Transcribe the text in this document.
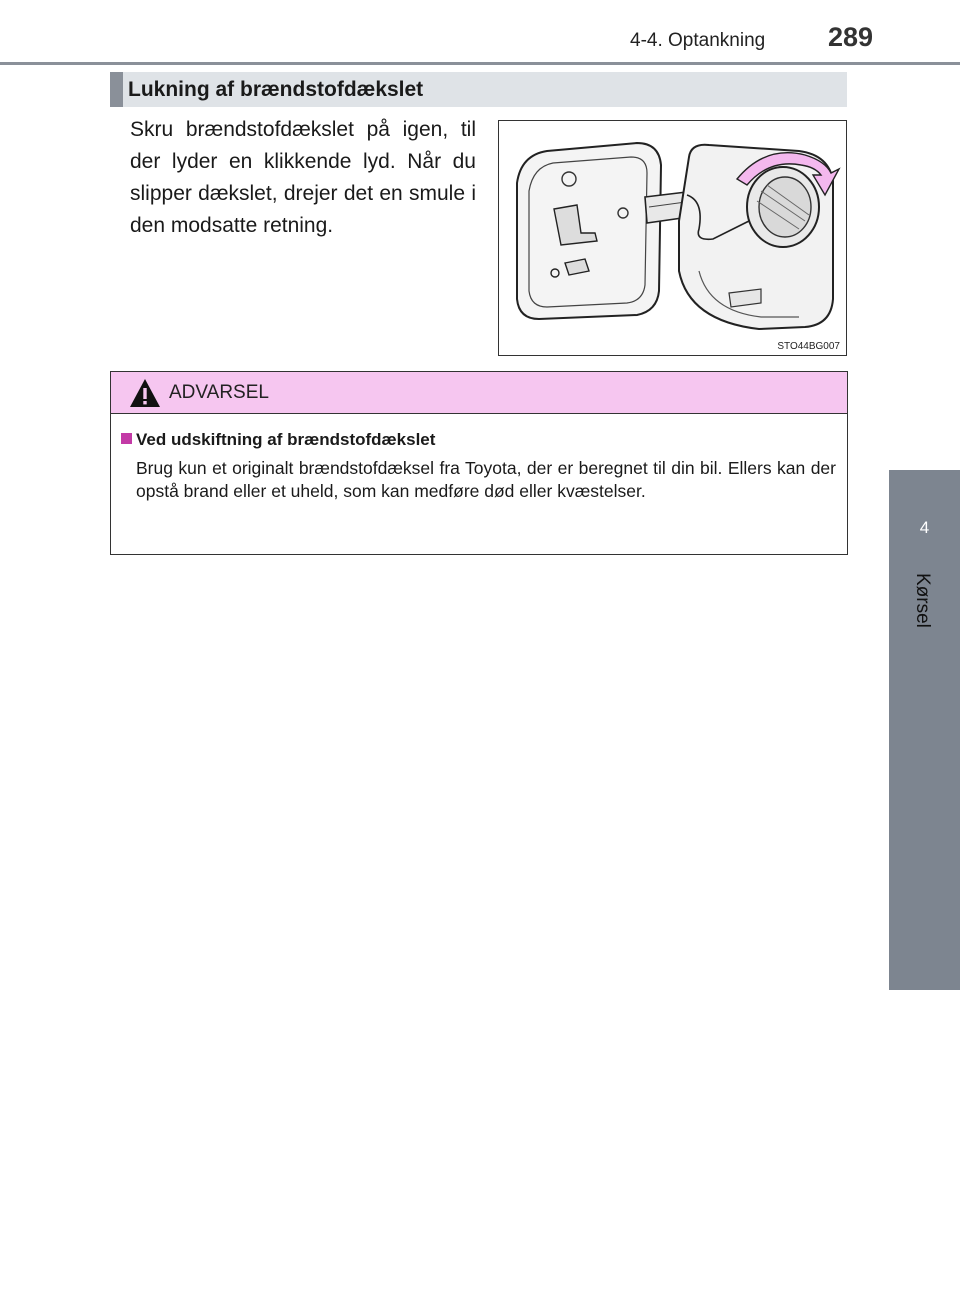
4-4. Optankning 289
4
Kørsel
Lukning af brændstofdækslet
Skru brændstofdækslet på igen, til der lyder en klikkende lyd. Når du slipper dækslet, drejer det en smule i den modsatte retning.
STO44BG007
ADVARSEL
Ved udskiftning af brændstofdækslet
Brug kun et originalt brændstofdæksel fra Toyota, der er beregnet til din bil. Ellers kan der opstå brand eller et uheld, som kan medføre død eller kvæstelser.
